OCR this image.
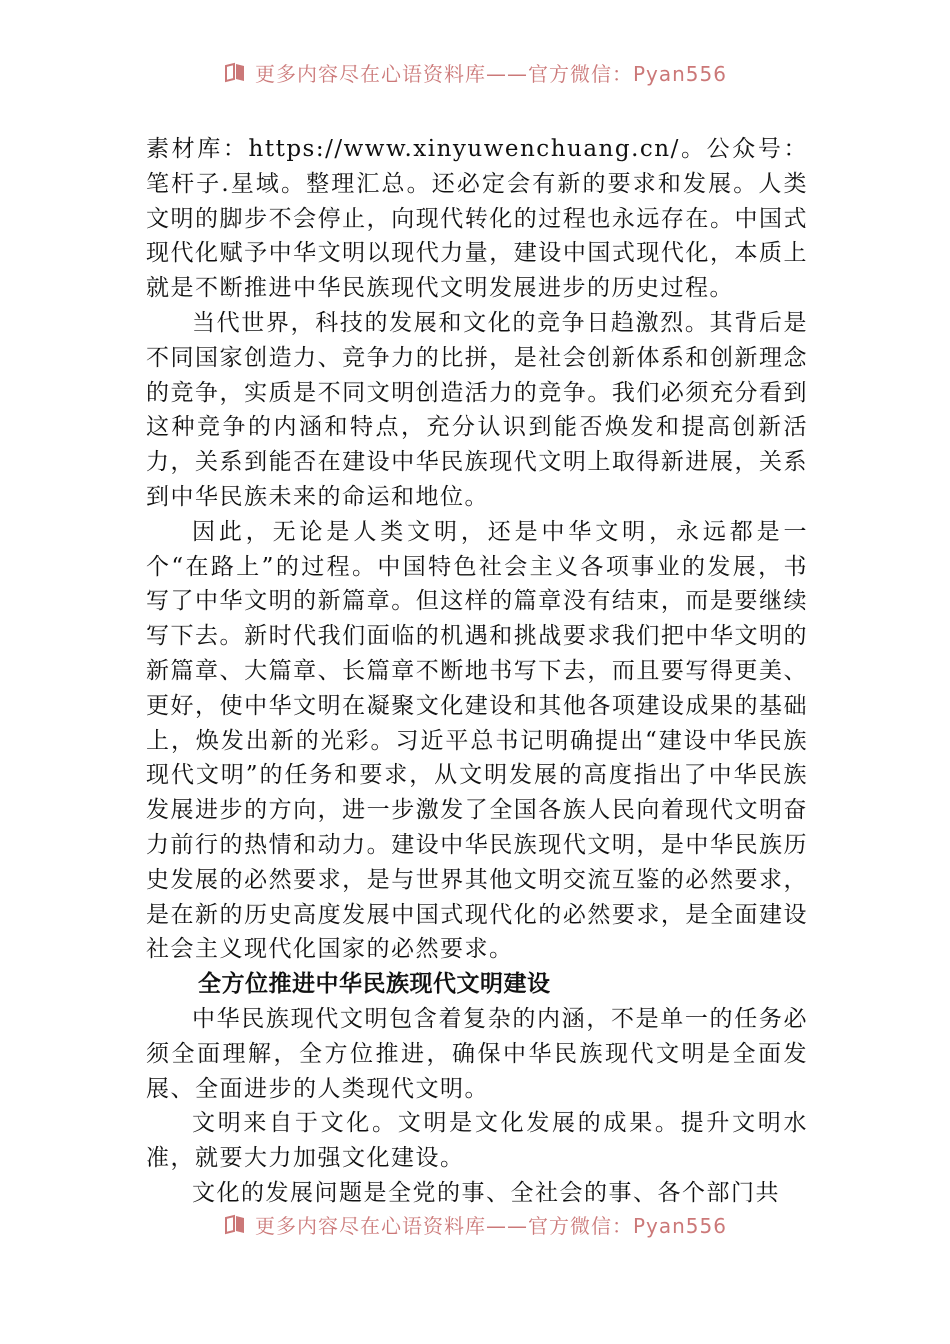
更多内容尽在心语资料库——官方微信：Pyan556

素材库：https://www.xinyuwenchuang.cn/。公众号：笔杆子.星域。整理汇总。还必定会有新的要求和发展。人类文明的脚步不会停止，向现代转化的过程也永远存在。中国式现代化赋予中华文明以现代力量，建设中国式现代化，本质上就是不断推进中华民族现代文明发展进步的历史过程。

当代世界，科技的发展和文化的竞争日趋激烈。其背后是不同国家创造力、竞争力的比拼，是社会创新体系和创新理念的竞争，实质是不同文明创造活力的竞争。我们必须充分看到这种竞争的内涵和特点，充分认识到能否焕发和提高创新活力，关系到能否在建设中华民族现代文明上取得新进展，关系到中华民族未来的命运和地位。

因此，无论是人类文明，还是中华文明，永远都是一个“在路上”的过程。中国特色社会主义各项事业的发展，书写了中华文明的新篇章。但这样的篇章没有结束，而是要继续写下去。新时代我们面临的机遇和挑战要求我们把中华文明的新篇章、大篇章、长篇章不断地书写下去，而且要写得更美、更好，使中华文明在凝聚文化建设和其他各项建设成果的基础上，焕发出新的光彩。习近平总书记明确提出“建设中华民族现代文明”的任务和要求，从文明发展的高度指出了中华民族发展进步的方向，进一步激发了全国各族人民向着现代文明奋力前行的热情和动力。建设中华民族现代文明，是中华民族历史发展的必然要求，是与世界其他文明交流互鉴的必然要求，是在新的历史高度发展中国式现代化的必然要求，是全面建设社会主义现代化国家的必然要求。

全方位推进中华民族现代文明建设

中华民族现代文明包含着复杂的内涵，不是单一的任务必须全面理解，全方位推进，确保中华民族现代文明是全面发展、全面进步的人类现代文明。

文明来自于文化。文明是文化发展的成果。提升文明水准，就要大力加强文化建设。

文化的发展问题是全党的事、全社会的事、各个部门共

更多内容尽在心语资料库——官方微信：Pyan556
